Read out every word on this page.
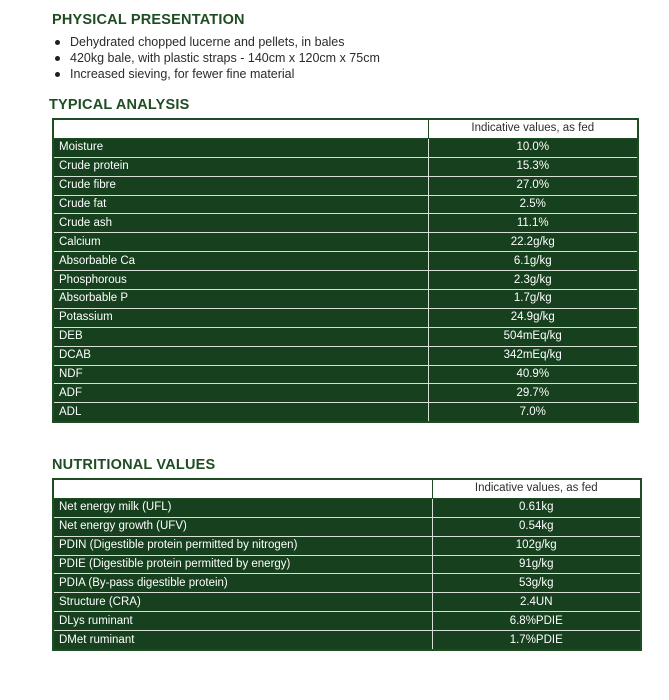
PHYSICAL PRESENTATION
Dehydrated chopped lucerne and pellets, in bales
420kg bale, with plastic straps - 140cm x 120cm x 75cm
Increased sieving, for fewer fine material
TYPICAL ANALYSIS
	Indicative values, as fed
Moisture	10.0%
Crude protein	15.3%
Crude fibre	27.0%
Crude fat	2.5%
Crude ash	11.1%
Calcium	22.2g/kg
Absorbable Ca	6.1g/kg
Phosphorous	2.3g/kg
Absorbable P	1.7g/kg
Potassium	24.9g/kg
DEB	504mEq/kg
DCAB	342mEq/kg
NDF	40.9%
ADF	29.7%
ADL	7.0%
NUTRITIONAL VALUES
	Indicative values, as fed
Net energy milk (UFL)	0.61kg
Net energy growth (UFV)	0.54kg
PDIN (Digestible protein permitted by nitrogen)	102g/kg
PDIE (Digestible protein permitted by energy)	91g/kg
PDIA (By-pass digestible protein)	53g/kg
Structure (CRA)	2.4UN
DLys ruminant	6.8%PDIE
DMet ruminant	1.7%PDIE
